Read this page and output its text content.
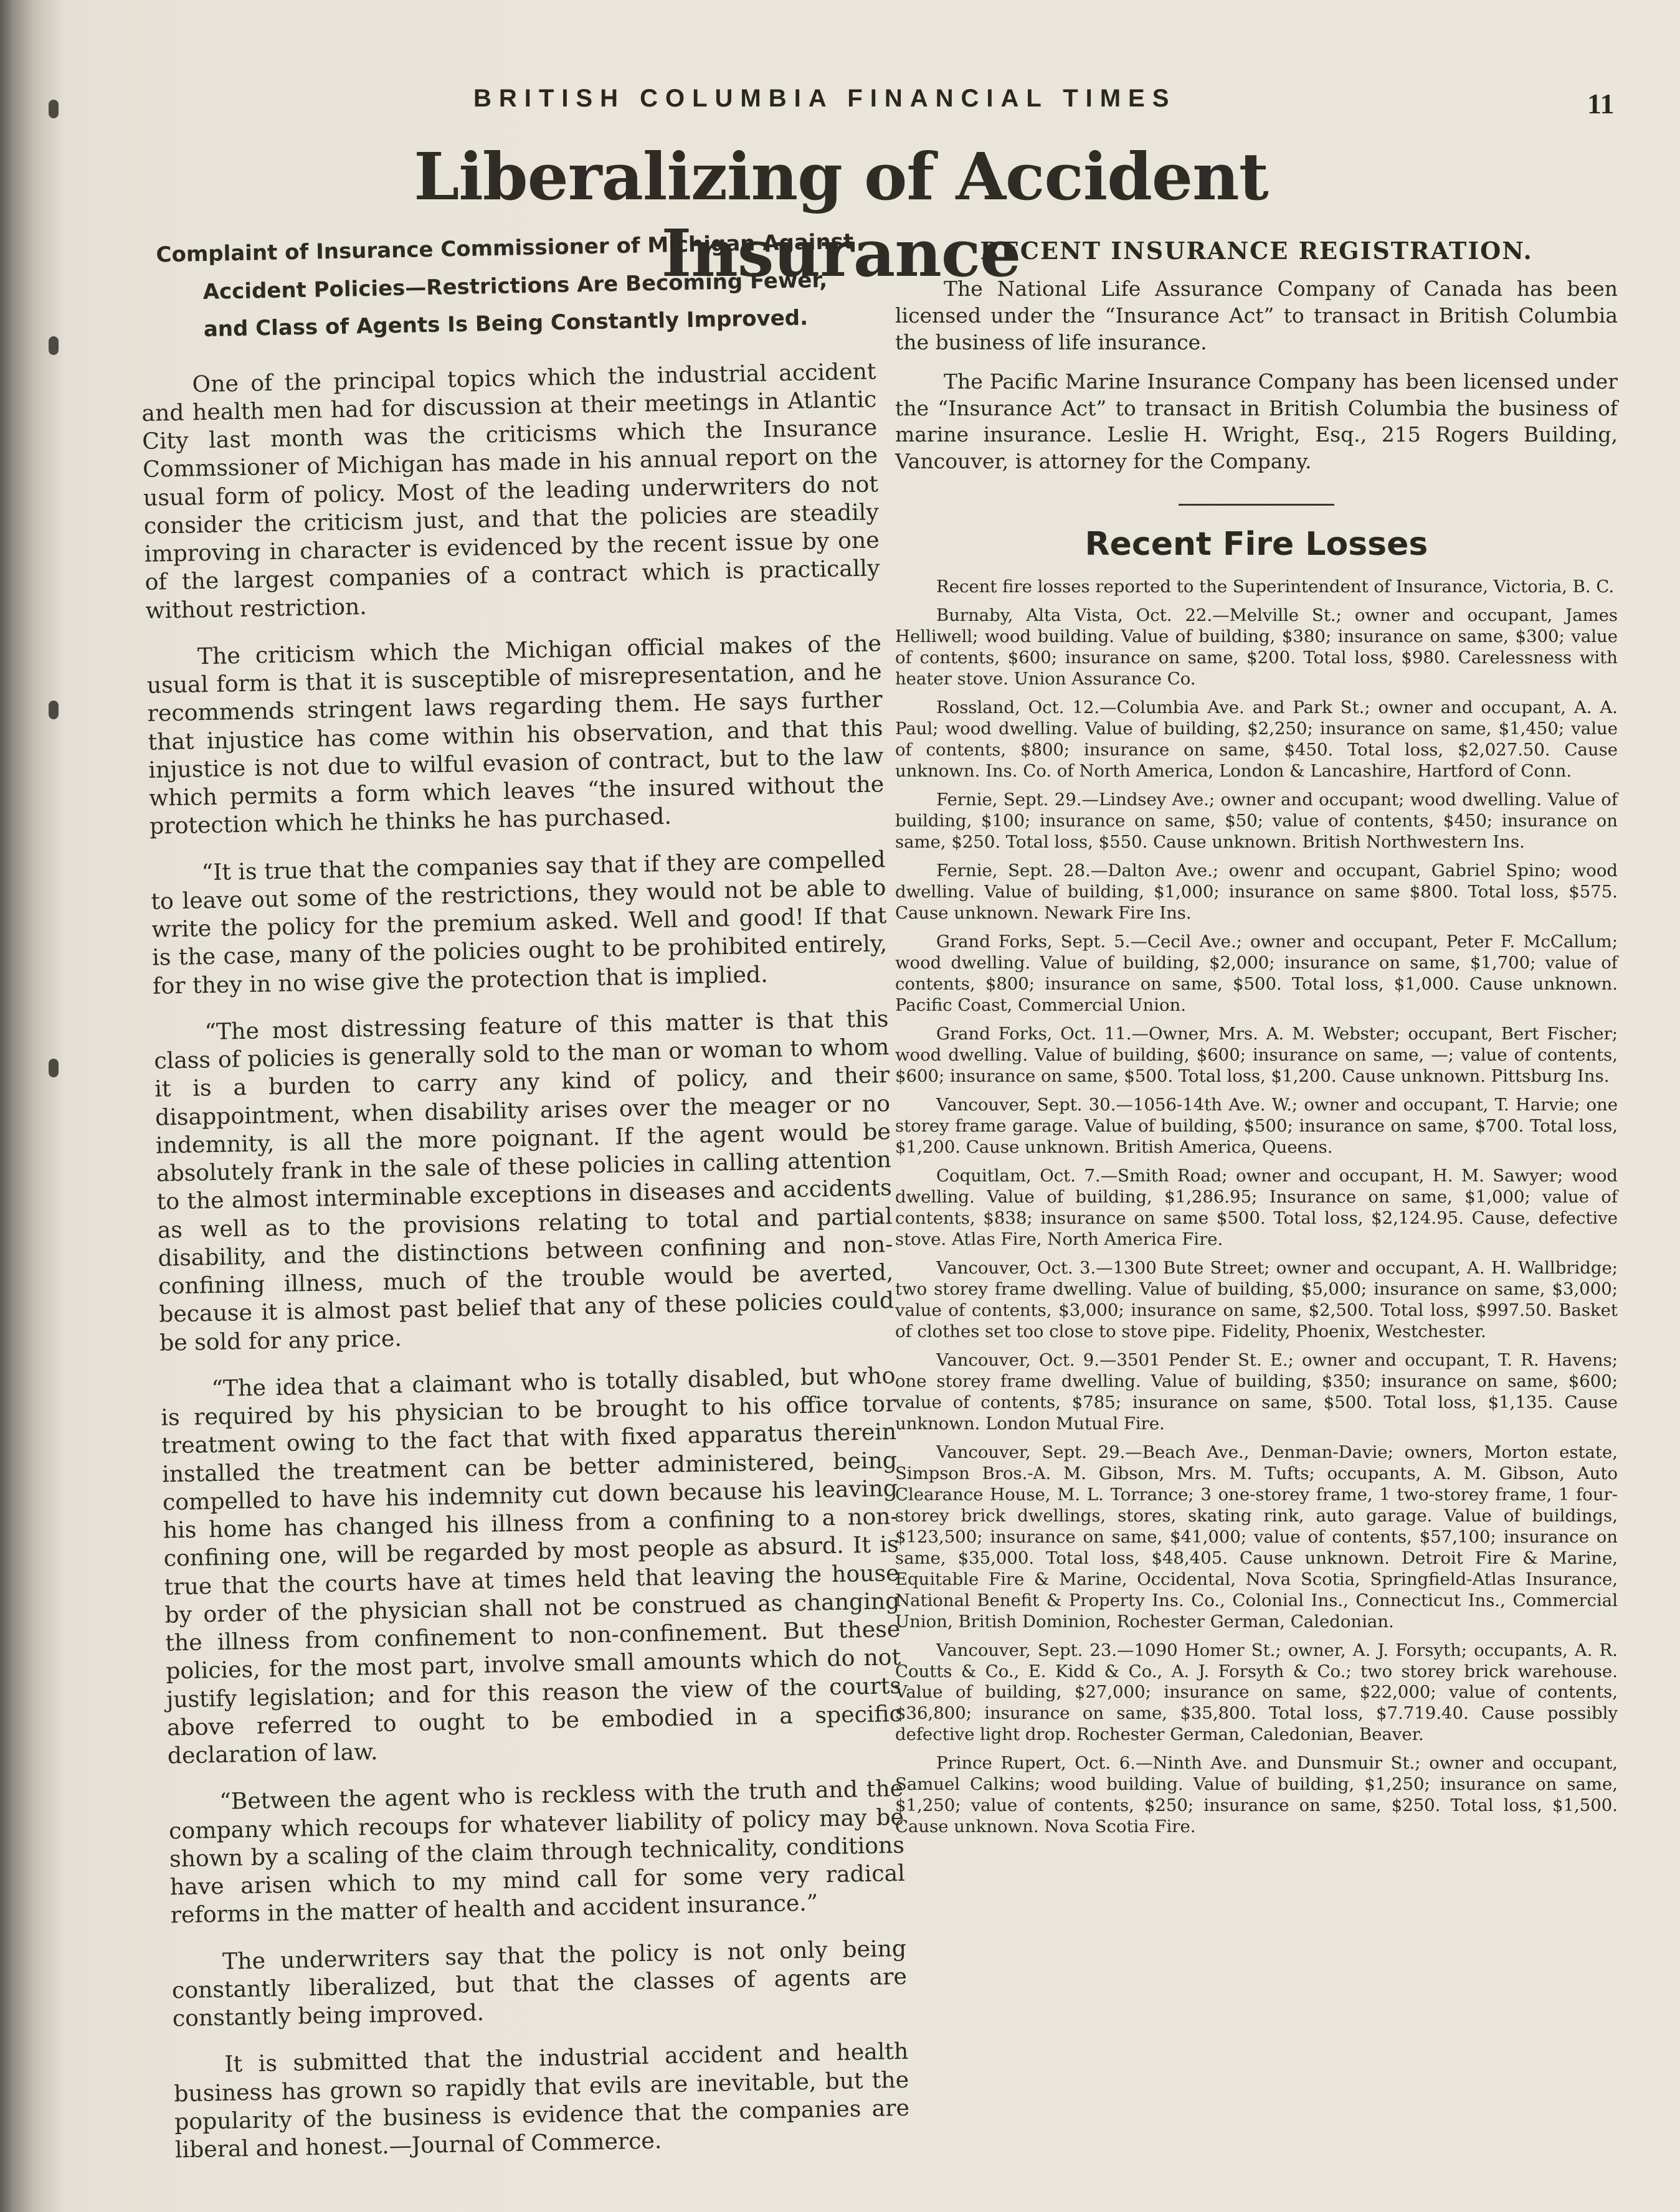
BRITISH COLUMBIA FINANCIAL TIMES	11
Liberalizing of Accident Insurance
Complaint of Insurance Commissioner of Michigan Against
Accident Policies—Restrictions Are Becoming Fewer,
and Class of Agents Is Being Constantly Improved.

One of the principal topics which the industrial accident and health men had for discussion at their meetings in Atlantic City last month was the criticisms which the Insurance Commssioner of Michigan has made in his annual report on the usual form of policy. Most of the leading underwriters do not consider the criticism just, and that the policies are steadily improving in character is evidenced by the recent issue by one of the largest companies of a contract which is practically without restriction.

The criticism which the Michigan official makes of the usual form is that it is susceptible of misrepresentation, and he recommends stringent laws regarding them. He says further that injustice has come within his observation, and that this injustice is not due to wilful evasion of contract, but to the law which permits a form which leaves “the insured without the protection which he thinks he has purchased.

“It is true that the companies say that if they are compelled to leave out some of the restrictions, they would not be able to write the policy for the premium asked. Well and good! If that is the case, many of the policies ought to be prohibited entirely, for they in no wise give the protection that is implied.

“The most distressing feature of this matter is that this class of policies is generally sold to the man or woman to whom it is a burden to carry any kind of policy, and their disappointment, when disability arises over the meager or no indemnity, is all the more poignant. If the agent would be absolutely frank in the sale of these policies in calling attention to the almost interminable exceptions in diseases and accidents as well as to the provisions relating to total and partial disability, and the distinctions between confining and non-confining illness, much of the trouble would be averted, because it is almost past belief that any of these policies could be sold for any price.

“The idea that a claimant who is totally disabled, but who is required by his physician to be brought to his office tor treatment owing to the fact that with fixed apparatus therein installed the treatment can be better administered, being compelled to have his indemnity cut down because his leaving his home has changed his illness from a confining to a non-confining one, will be regarded by most people as absurd. It is true that the courts have at times held that leaving the house by order of the physician shall not be construed as changing the illness from confinement to non-confinement. But these policies, for the most part, involve small amounts which do not justify legislation; and for this reason the view of the courts above referred to ought to be embodied in a specific declaration of law.

“Between the agent who is reckless with the truth and the company which recoups for whatever liability of policy may be shown by a scaling of the claim through technicality, conditions have arisen which to my mind call for some very radical reforms in the matter of health and accident insurance.”

The underwriters say that the policy is not only being constantly liberalized, but that the classes of agents are constantly being improved.

It is submitted that the industrial accident and health business has grown so rapidly that evils are inevitable, but the popularity of the business is evidence that the companies are liberal and honest.—Journal of Commerce.

RECENT INSURANCE REGISTRATION.

The National Life Assurance Company of Canada has been licensed under the “Insurance Act” to transact in British Columbia the business of life insurance.

The Pacific Marine Insurance Company has been licensed under the “Insurance Act” to transact in British Columbia the business of marine insurance. Leslie H. Wright, Esq., 215 Rogers Building, Vancouver, is attorney for the Company.

Recent Fire Losses
Recent fire losses reported to the Superintendent of Insurance, Victoria, B. C.
Burnaby, Alta Vista, Oct. 22.—Melville St.; owner and occupant, James Helliwell; wood building. Value of building, $380; insurance on same, $300; value of contents, $600; insurance on same, $200. Total loss, $980. Carelessness with heater stove. Union Assurance Co.
Rossland, Oct. 12.—Columbia Ave. and Park St.; owner and occupant, A. A. Paul; wood dwelling. Value of building, $2,250; insurance on same, $1,450; value of contents, $800; insurance on same, $450. Total loss, $2,027.50. Cause unknown. Ins. Co. of North America, London & Lancashire, Hartford of Conn.
Fernie, Sept. 29.—Lindsey Ave.; owner and occupant; wood dwelling. Value of building, $100; insurance on same, $50; value of contents, $450; insurance on same, $250. Total loss, $550. Cause unknown. British Northwestern Ins.
Fernie, Sept. 28.—Dalton Ave.; owenr and occupant, Gabriel Spino; wood dwelling. Value of building, $1,000; insurance on same $800. Total loss, $575. Cause unknown. Newark Fire Ins.
Grand Forks, Sept. 5.—Cecil Ave.; owner and occupant, Peter F. McCallum; wood dwelling. Value of building, $2,000; insurance on same, $1,700; value of contents, $800; insurance on same, $500. Total loss, $1,000. Cause unknown. Pacific Coast, Commercial Union.
Grand Forks, Oct. 11.—Owner, Mrs. A. M. Webster; occupant, Bert Fischer; wood dwelling. Value of building, $600; insurance on same, —; value of contents, $600; insurance on same, $500. Total loss, $1,200. Cause unknown. Pittsburg Ins.
Vancouver, Sept. 30.—1056-14th Ave. W.; owner and occupant, T. Harvie; one storey frame garage. Value of building, $500; insurance on same, $700. Total loss, $1,200. Cause unknown. British America, Queens.
Coquitlam, Oct. 7.—Smith Road; owner and occupant, H. M. Sawyer; wood dwelling. Value of building, $1,286.95; Insurance on same, $1,000; value of contents, $838; insurance on same $500. Total loss, $2,124.95. Cause, defective stove. Atlas Fire, North America Fire.
Vancouver, Oct. 3.—1300 Bute Street; owner and occupant, A. H. Wallbridge; two storey frame dwelling. Value of building, $5,000; insurance on same, $3,000; value of contents, $3,000; insurance on same, $2,500. Total loss, $997.50. Basket of clothes set too close to stove pipe. Fidelity, Phoenix, Westchester.
Vancouver, Oct. 9.—3501 Pender St. E.; owner and occupant, T. R. Havens; one storey frame dwelling. Value of building, $350; insurance on same, $600; value of contents, $785; insurance on same, $500. Total loss, $1,135. Cause unknown. London Mutual Fire.
Vancouver, Sept. 29.—Beach Ave., Denman-Davie; owners, Morton estate, Simpson Bros.-A. M. Gibson, Mrs. M. Tufts; occupants, A. M. Gibson, Auto Clearance House, M. L. Torrance; 3 one-storey frame, 1 two-storey frame, 1 four-storey brick dwellings, stores, skating rink, auto garage. Value of buildings, $123,500; insurance on same, $41,000; value of contents, $57,100; insurance on same, $35,000. Total loss, $48,405. Cause unknown. Detroit Fire & Marine, Equitable Fire & Marine, Occidental, Nova Scotia, Springfield-Atlas Insurance, National Benefit & Property Ins. Co., Colonial Ins., Connecticut Ins., Commercial Union, British Dominion, Rochester German, Caledonian.
Vancouver, Sept. 23.—1090 Homer St.; owner, A. J. Forsyth; occupants, A. R. Coutts & Co., E. Kidd & Co., A. J. Forsyth & Co.; two storey brick warehouse. Value of building, $27,000; insurance on same, $22,000; value of contents, $36,800; insurance on same, $35,800. Total loss, $7.719.40. Cause possibly defective light drop. Rochester German, Caledonian, Beaver.
Prince Rupert, Oct. 6.—Ninth Ave. and Dunsmuir St.; owner and occupant, Samuel Calkins; wood building. Value of building, $1,250; insurance on same, $1,250; value of contents, $250; insurance on same, $250. Total loss, $1,500. Cause unknown. Nova Scotia Fire.
